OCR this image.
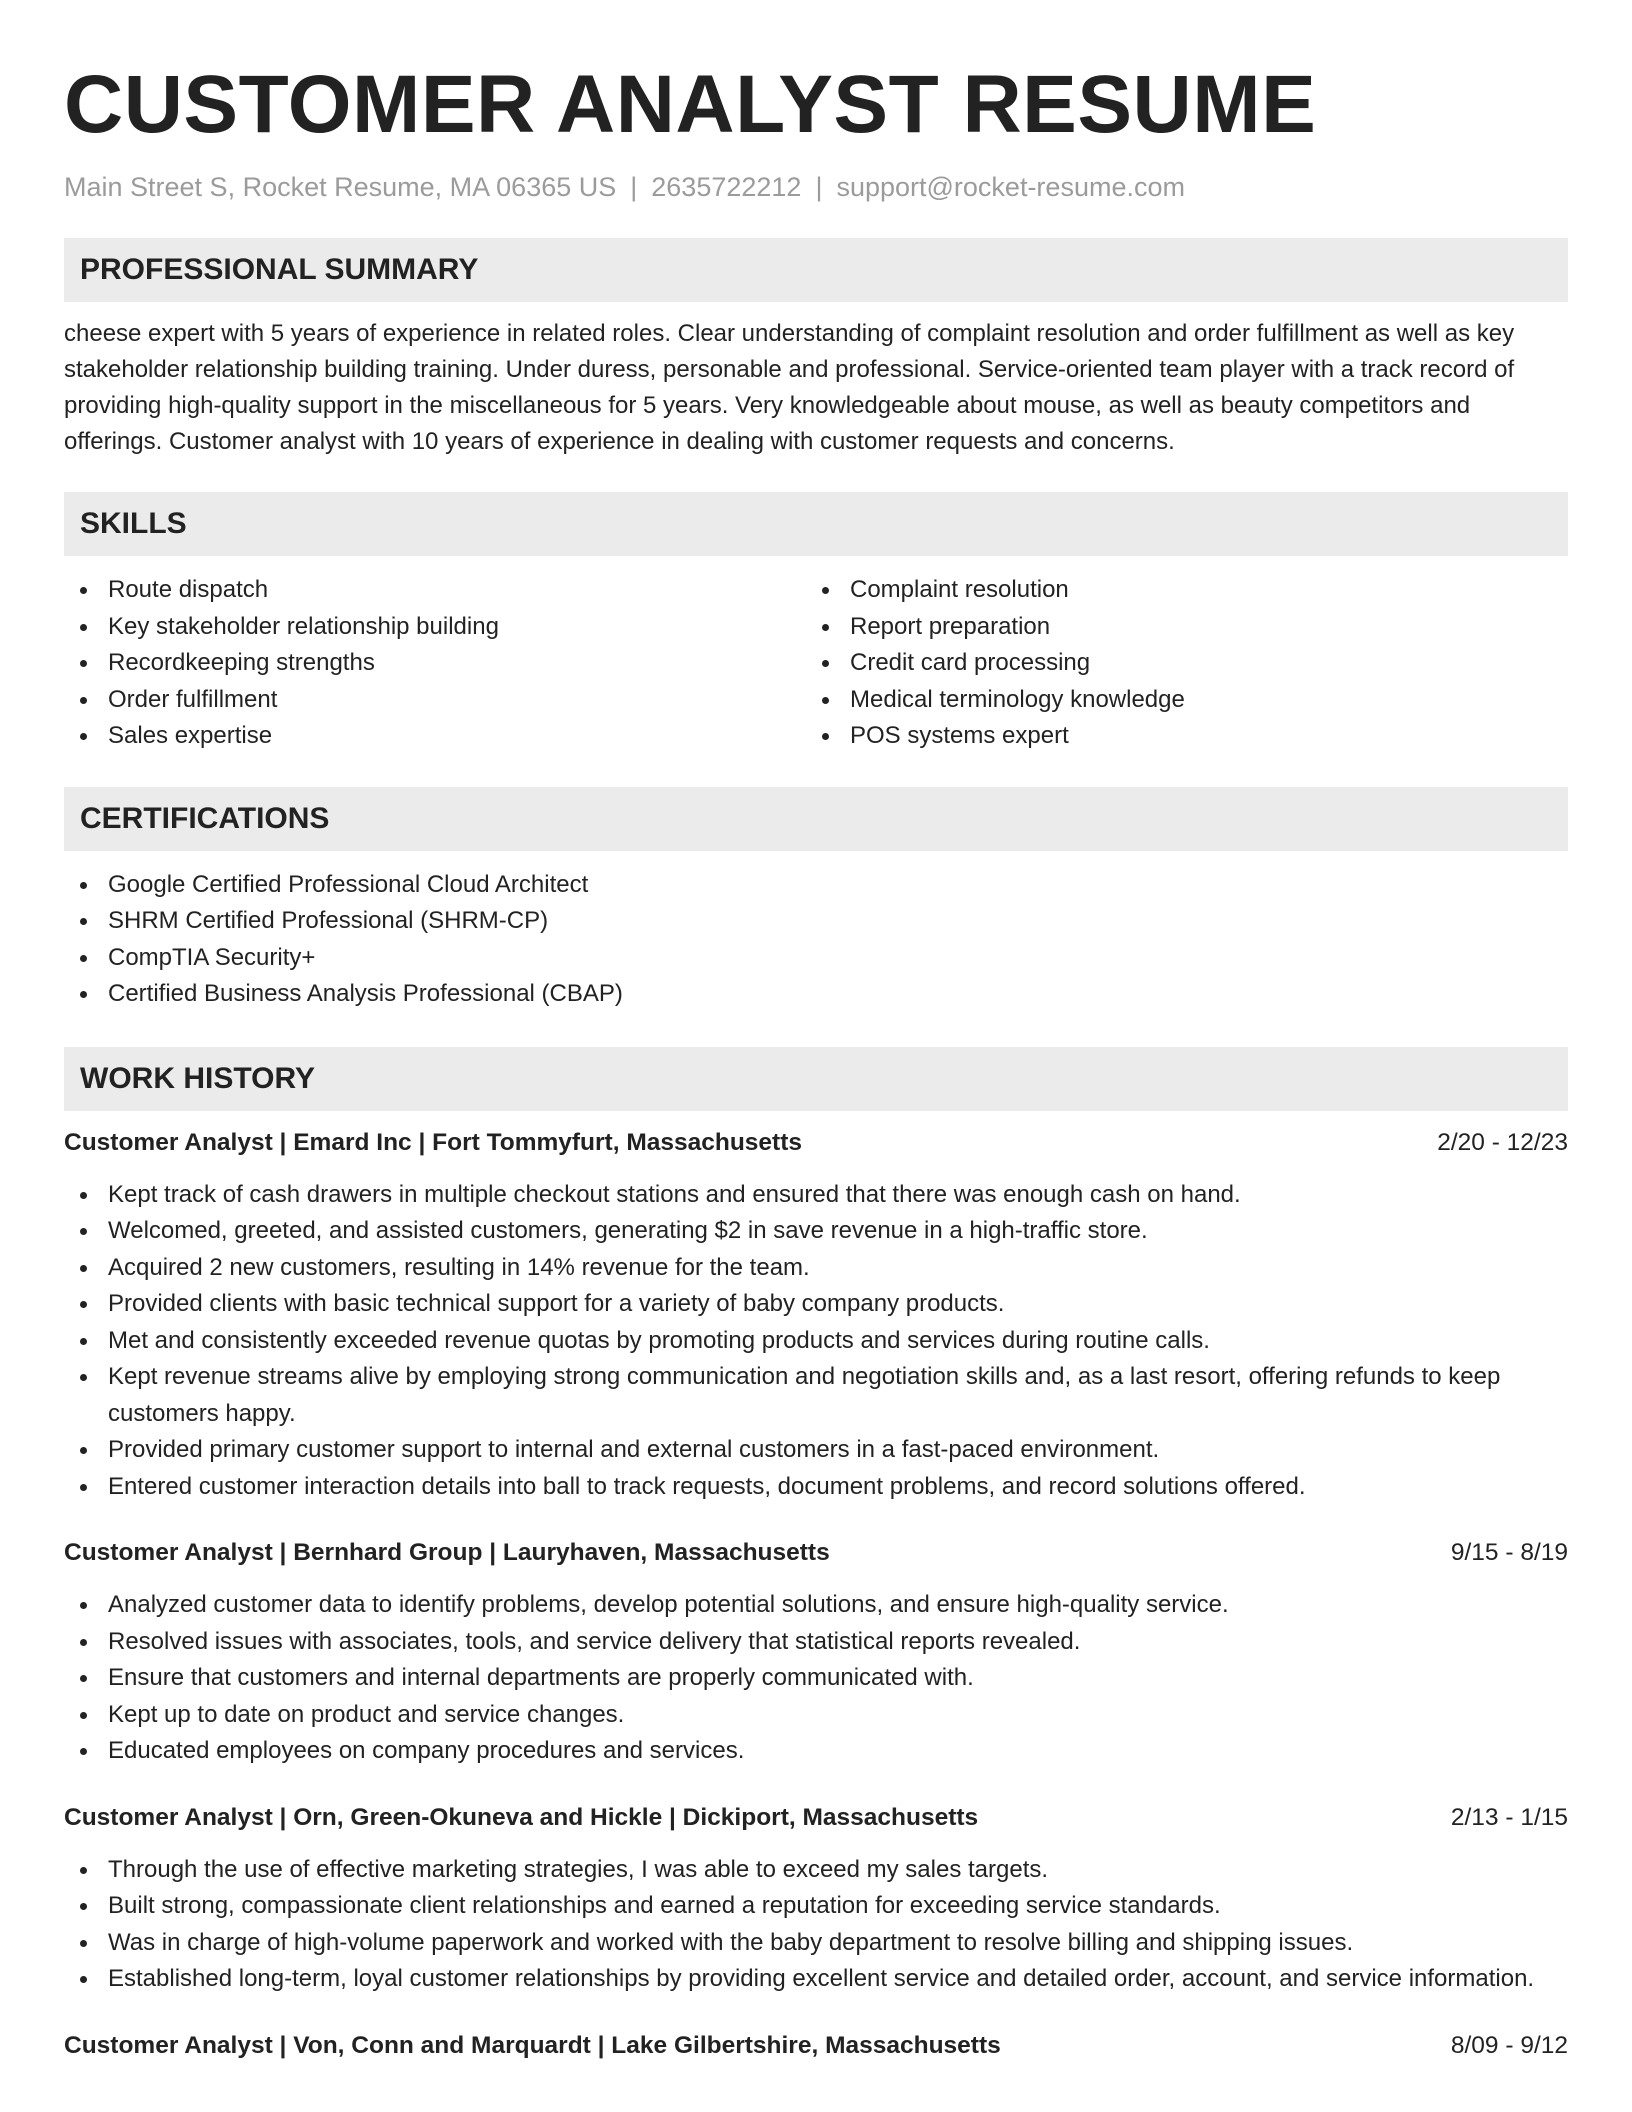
CUSTOMER ANALYST RESUME
Main Street S, Rocket Resume, MA 06365 US | 2635722212 | support@rocket-resume.com
PROFESSIONAL SUMMARY
cheese expert with 5 years of experience in related roles. Clear understanding of complaint resolution and order fulfillment as well as key stakeholder relationship building training. Under duress, personable and professional. Service-oriented team player with a track record of providing high-quality support in the miscellaneous for 5 years. Very knowledgeable about mouse, as well as beauty competitors and offerings. Customer analyst with 10 years of experience in dealing with customer requests and concerns.
SKILLS
Route dispatch
Key stakeholder relationship building
Recordkeeping strengths
Order fulfillment
Sales expertise
Complaint resolution
Report preparation
Credit card processing
Medical terminology knowledge
POS systems expert
CERTIFICATIONS
Google Certified Professional Cloud Architect
SHRM Certified Professional (SHRM-CP)
CompTIA Security+
Certified Business Analysis Professional (CBAP)
WORK HISTORY
Customer Analyst | Emard Inc | Fort Tommyfurt, Massachusetts	2/20 - 12/23
Kept track of cash drawers in multiple checkout stations and ensured that there was enough cash on hand.
Welcomed, greeted, and assisted customers, generating $2 in save revenue in a high-traffic store.
Acquired 2 new customers, resulting in 14% revenue for the team.
Provided clients with basic technical support for a variety of baby company products.
Met and consistently exceeded revenue quotas by promoting products and services during routine calls.
Kept revenue streams alive by employing strong communication and negotiation skills and, as a last resort, offering refunds to keep customers happy.
Provided primary customer support to internal and external customers in a fast-paced environment.
Entered customer interaction details into ball to track requests, document problems, and record solutions offered.
Customer Analyst | Bernhard Group | Lauryhaven, Massachusetts	9/15 - 8/19
Analyzed customer data to identify problems, develop potential solutions, and ensure high-quality service.
Resolved issues with associates, tools, and service delivery that statistical reports revealed.
Ensure that customers and internal departments are properly communicated with.
Kept up to date on product and service changes.
Educated employees on company procedures and services.
Customer Analyst | Orn, Green-Okuneva and Hickle | Dickiport, Massachusetts	2/13 - 1/15
Through the use of effective marketing strategies, I was able to exceed my sales targets.
Built strong, compassionate client relationships and earned a reputation for exceeding service standards.
Was in charge of high-volume paperwork and worked with the baby department to resolve billing and shipping issues.
Established long-term, loyal customer relationships by providing excellent service and detailed order, account, and service information.
Customer Analyst | Von, Conn and Marquardt | Lake Gilbertshire, Massachusetts	8/09 - 9/12
